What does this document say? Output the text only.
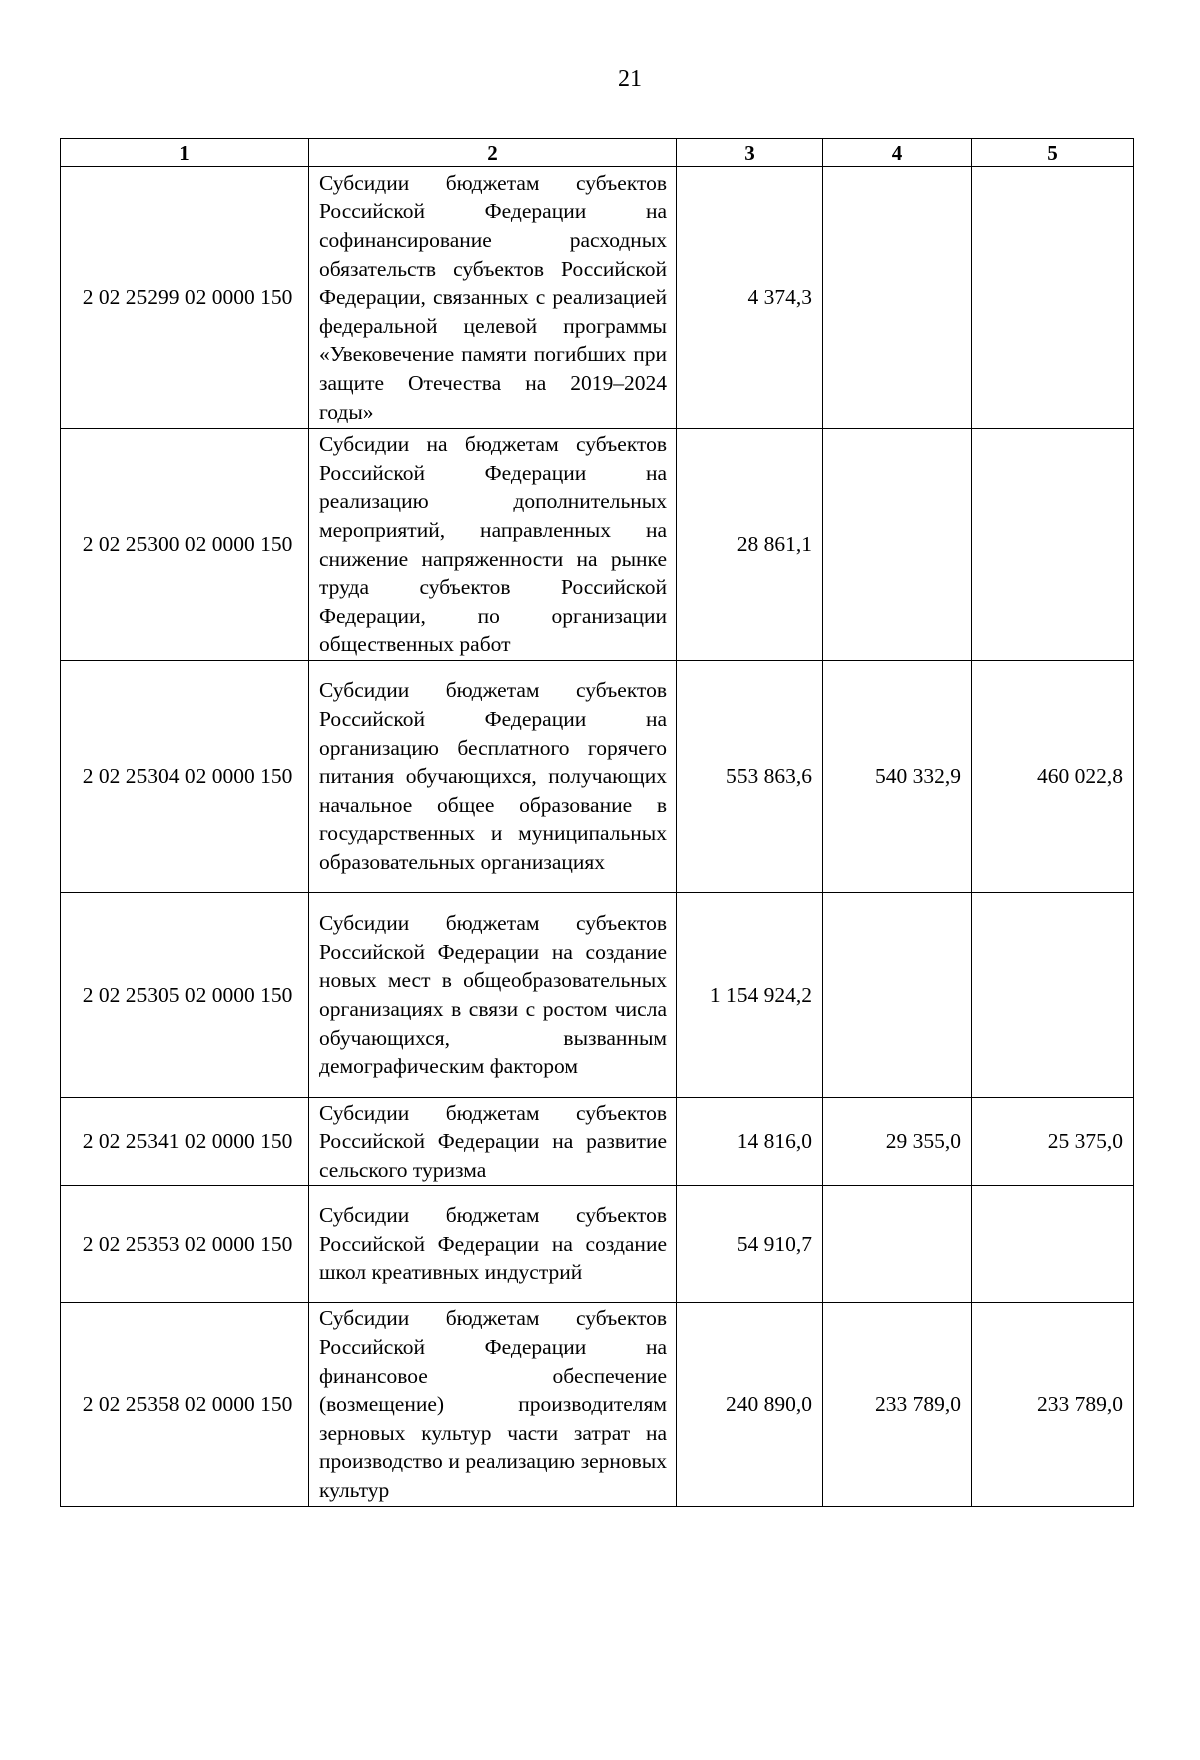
21
1	2	3	4	5
2 02 25299 02 0000 150	Субсидии бюджетам субъектов Российской Федерации на софинансирование расходных обязательств субъектов Российской Федерации, связанных с реализацией федеральной целевой программы «Увековечение памяти погибших при защите Отечества на 2019–2024 годы»	4 374,3		
2 02 25300 02 0000 150	Субсидии на бюджетам субъектов Российской Федерации на реализацию дополнительных мероприятий, направленных на снижение напряженности на рынке труда субъектов Российской Федерации, по организации общественных работ	28 861,1		
2 02 25304 02 0000 150	Субсидии бюджетам субъектов Российской Федерации на организацию бесплатного горячего питания обучающихся, получающих начальное общее образование в государственных и муниципальных образовательных организациях	553 863,6	540 332,9	460 022,8
2 02 25305 02 0000 150	Субсидии бюджетам субъектов Российской Федерации на создание новых мест в общеобразовательных организациях в связи с ростом числа обучающихся, вызванным демографическим фактором	1 154 924,2		
2 02 25341 02 0000 150	Субсидии бюджетам субъектов Российской Федерации на развитие сельского туризма	14 816,0	29 355,0	25 375,0
2 02 25353 02 0000 150	Субсидии бюджетам субъектов Российской Федерации на создание школ креативных индустрий	54 910,7		
2 02 25358 02 0000 150	Субсидии бюджетам субъектов Российской Федерации на финансовое обеспечение (возмещение) производителям зерновых культур части затрат на производство и реализацию зерновых культур	240 890,0	233 789,0	233 789,0
